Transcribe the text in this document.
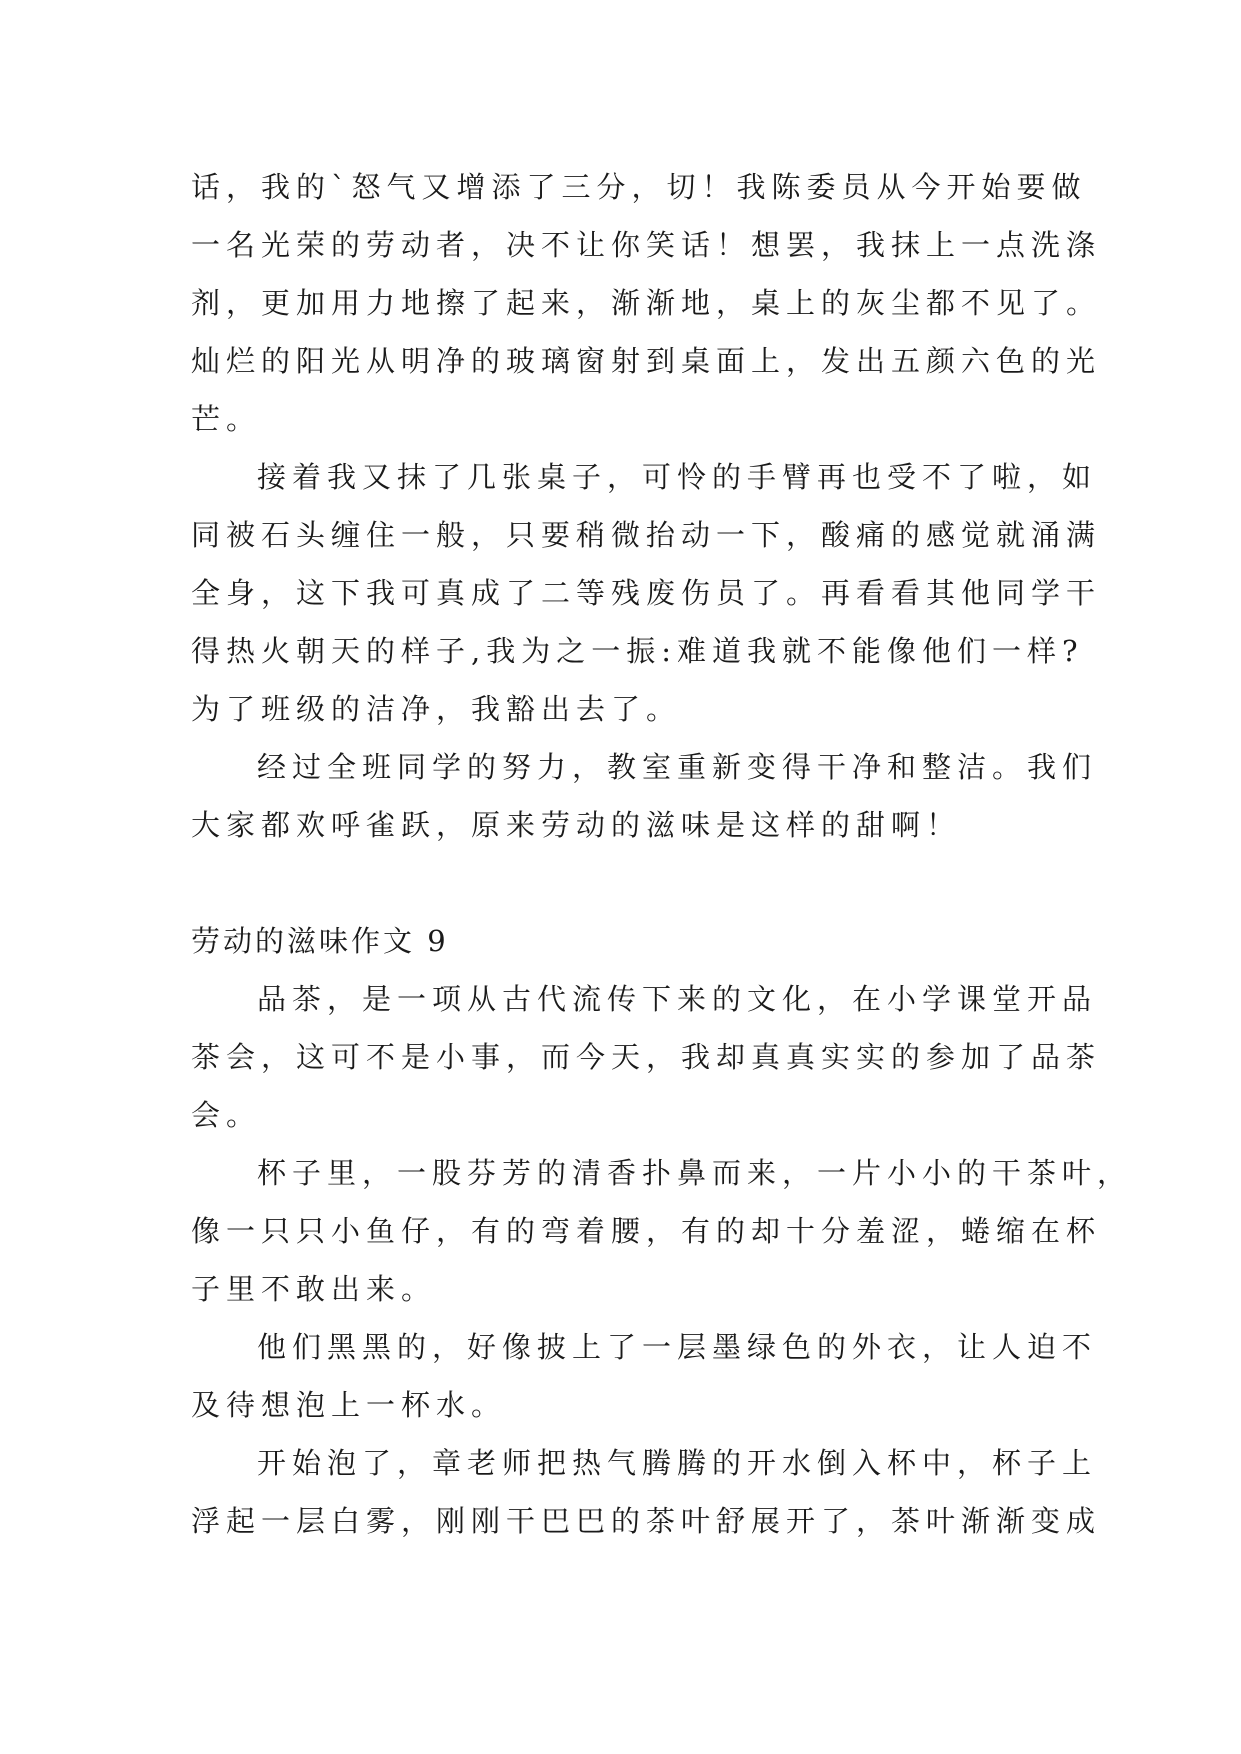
话，我的`怒气又增添了三分，切！我陈委员从今开始要做
一名光荣的劳动者，决不让你笑话！想罢，我抹上一点洗涤
剂，更加用力地擦了起来，渐渐地，桌上的灰尘都不见了。
灿烂的阳光从明净的玻璃窗射到桌面上，发出五颜六色的光
芒。
接着我又抹了几张桌子，可怜的手臂再也受不了啦，如
同被石头缠住一般，只要稍微抬动一下，酸痛的感觉就涌满
全身，这下我可真成了二等残废伤员了。再看看其他同学干
得热火朝天的样子,我为之一振:难道我就不能像他们一样?
为了班级的洁净，我豁出去了。
经过全班同学的努力，教室重新变得干净和整洁。我们
大家都欢呼雀跃，原来劳动的滋味是这样的甜啊！
劳动的滋味作文 9
品茶，是一项从古代流传下来的文化，在小学课堂开品
茶会，这可不是小事，而今天，我却真真实实的参加了品茶
会。
杯子里，一股芬芳的清香扑鼻而来，一片小小的干茶叶，
像一只只小鱼仔，有的弯着腰，有的却十分羞涩，蜷缩在杯
子里不敢出来。
他们黑黑的，好像披上了一层墨绿色的外衣，让人迫不
及待想泡上一杯水。
开始泡了，章老师把热气腾腾的开水倒入杯中，杯子上
浮起一层白雾，刚刚干巴巴的茶叶舒展开了，茶叶渐渐变成
